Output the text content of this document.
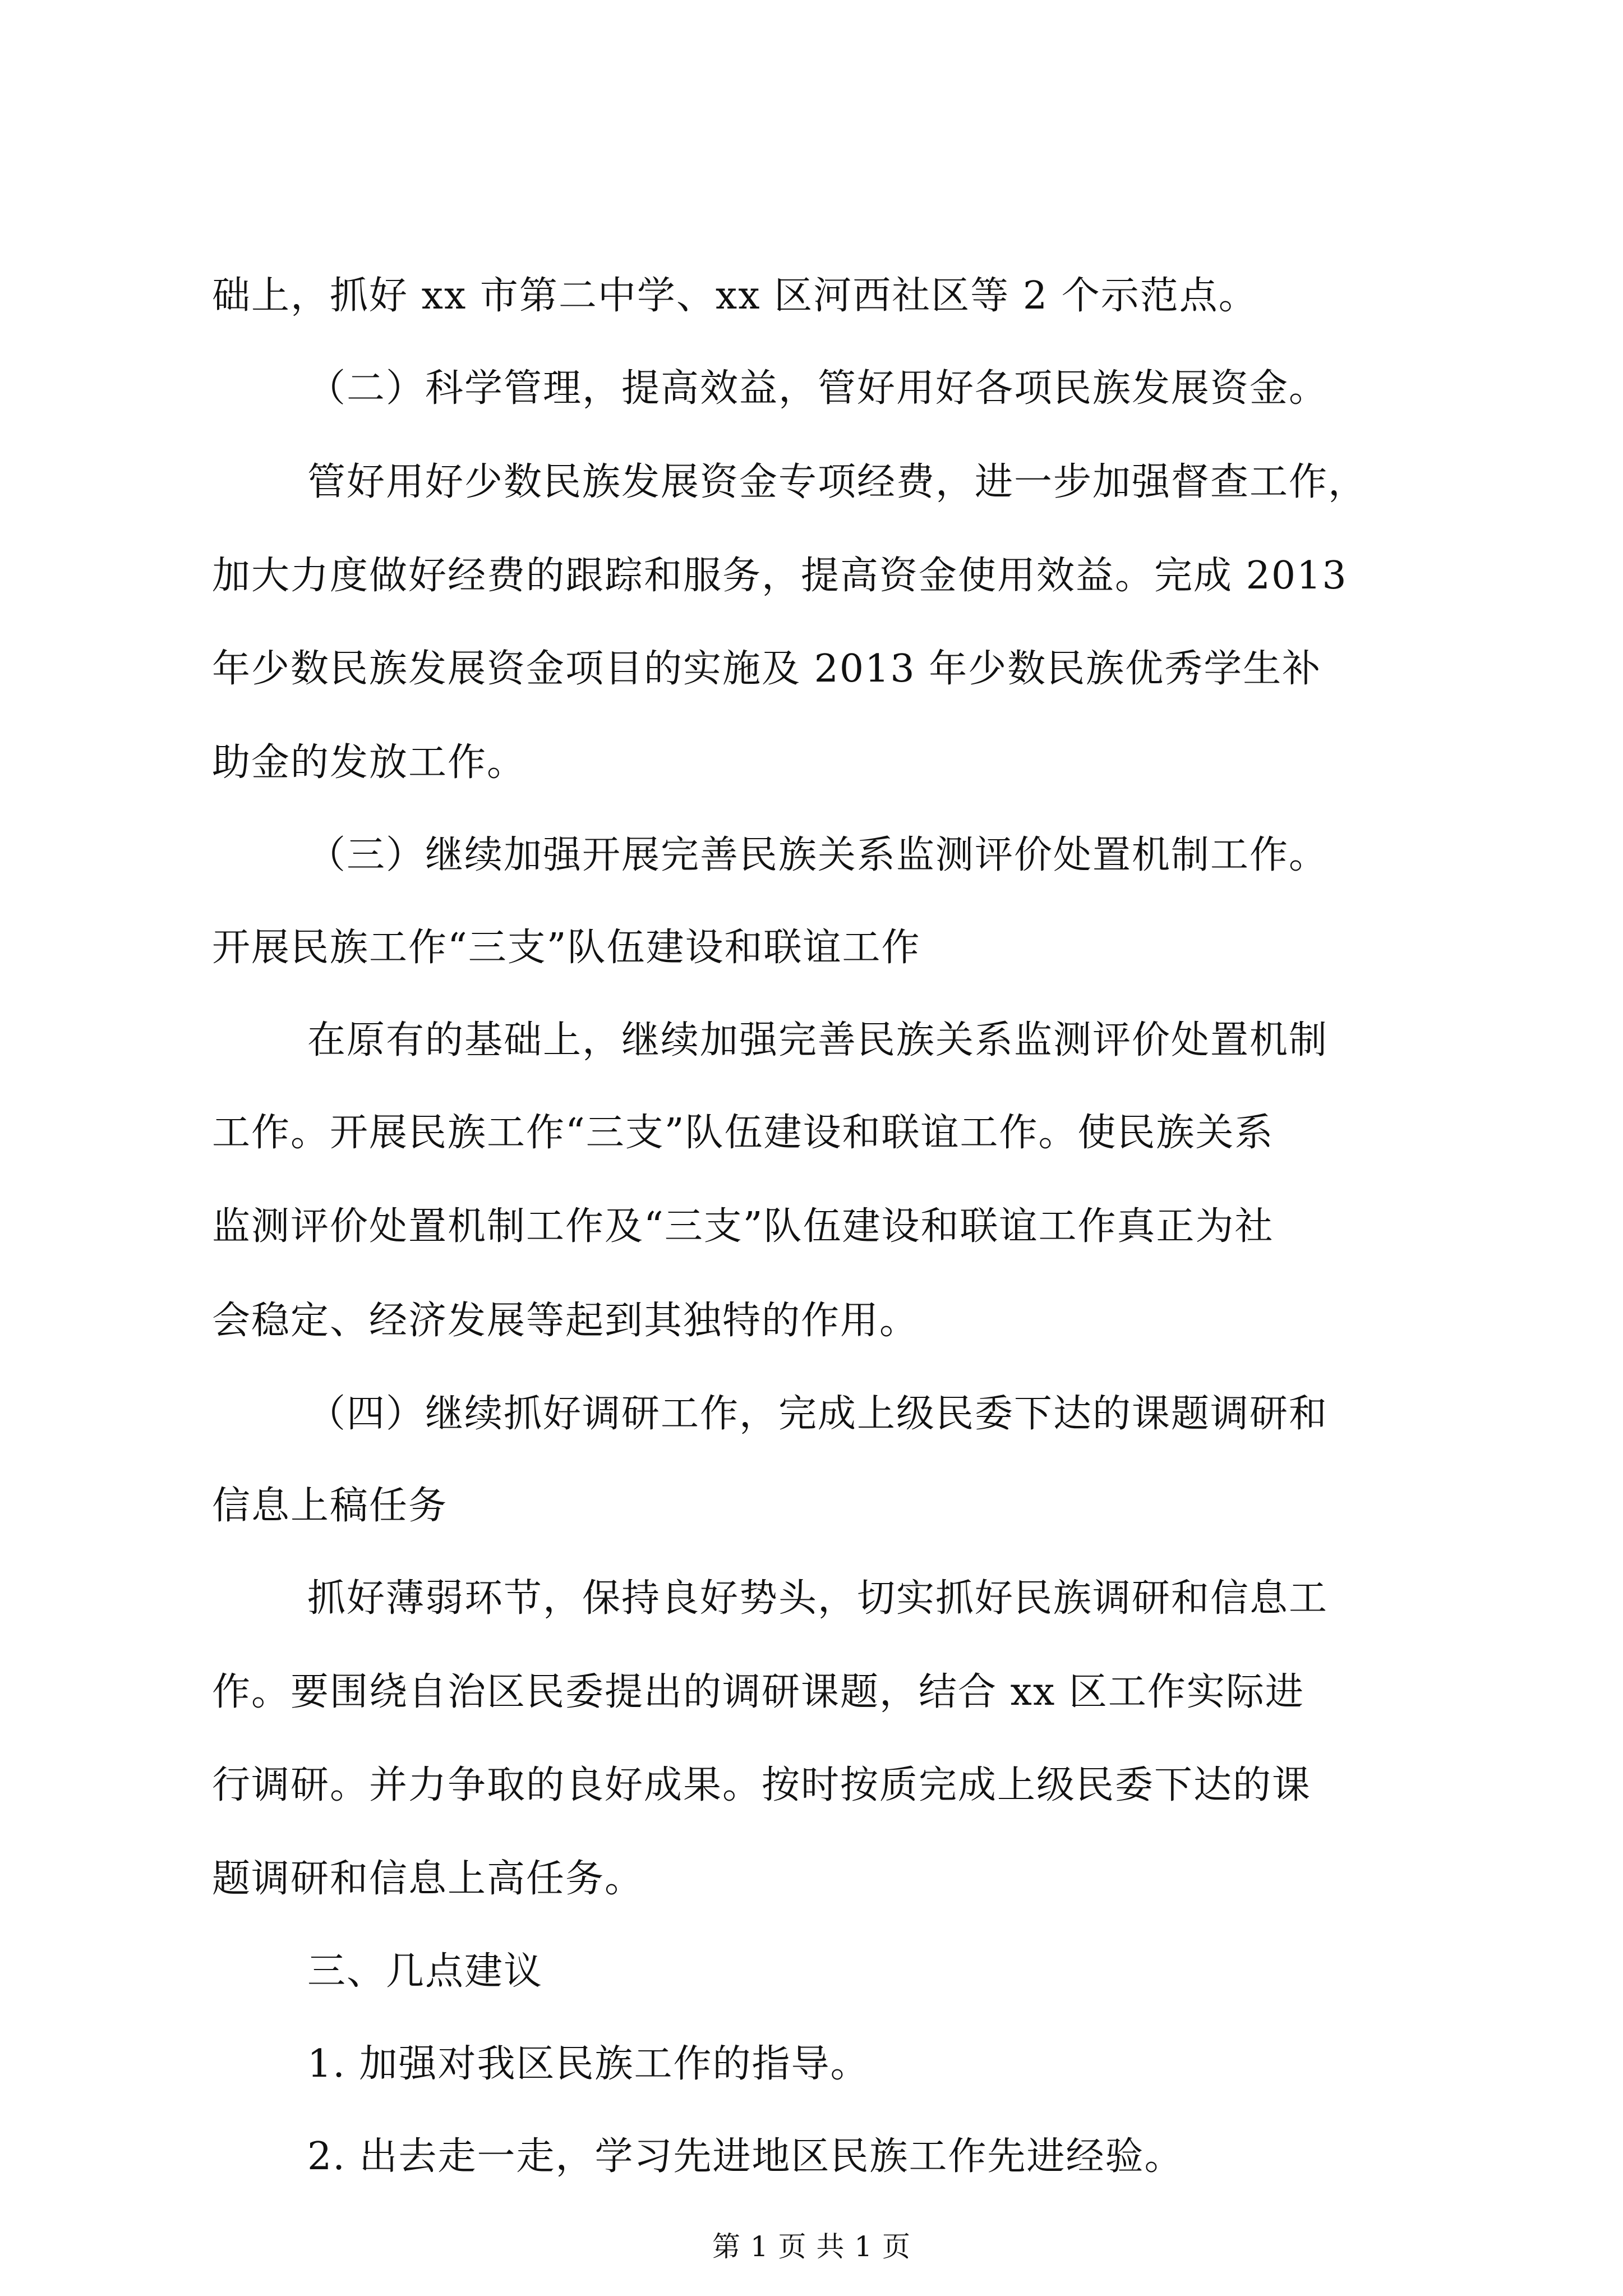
础上，抓好 xx 市第二中学、xx 区河西社区等 2 个示范点。
（二）科学管理，提高效益，管好用好各项民族发展资金。
管好用好少数民族发展资金专项经费，进一步加强督查工作，
加大力度做好经费的跟踪和服务，提高资金使用效益。完成 2013
年少数民族发展资金项目的实施及 2013 年少数民族优秀学生补
助金的发放工作。
（三）继续加强开展完善民族关系监测评价处置机制工作。
开展民族工作“三支”队伍建设和联谊工作
在原有的基础上，继续加强完善民族关系监测评价处置机制
工作。开展民族工作“三支”队伍建设和联谊工作。使民族关系
监测评价处置机制工作及“三支”队伍建设和联谊工作真正为社
会稳定、经济发展等起到其独特的作用。
（四）继续抓好调研工作，完成上级民委下达的课题调研和
信息上稿任务
抓好薄弱环节，保持良好势头，切实抓好民族调研和信息工
作。要围绕自治区民委提出的调研课题，结合 xx 区工作实际进
行调研。并力争取的良好成果。按时按质完成上级民委下达的课
题调研和信息上高任务。
三、几点建议
1. 加强对我区民族工作的指导。
2. 出去走一走，学习先进地区民族工作先进经验。
第 1 页 共 1 页
